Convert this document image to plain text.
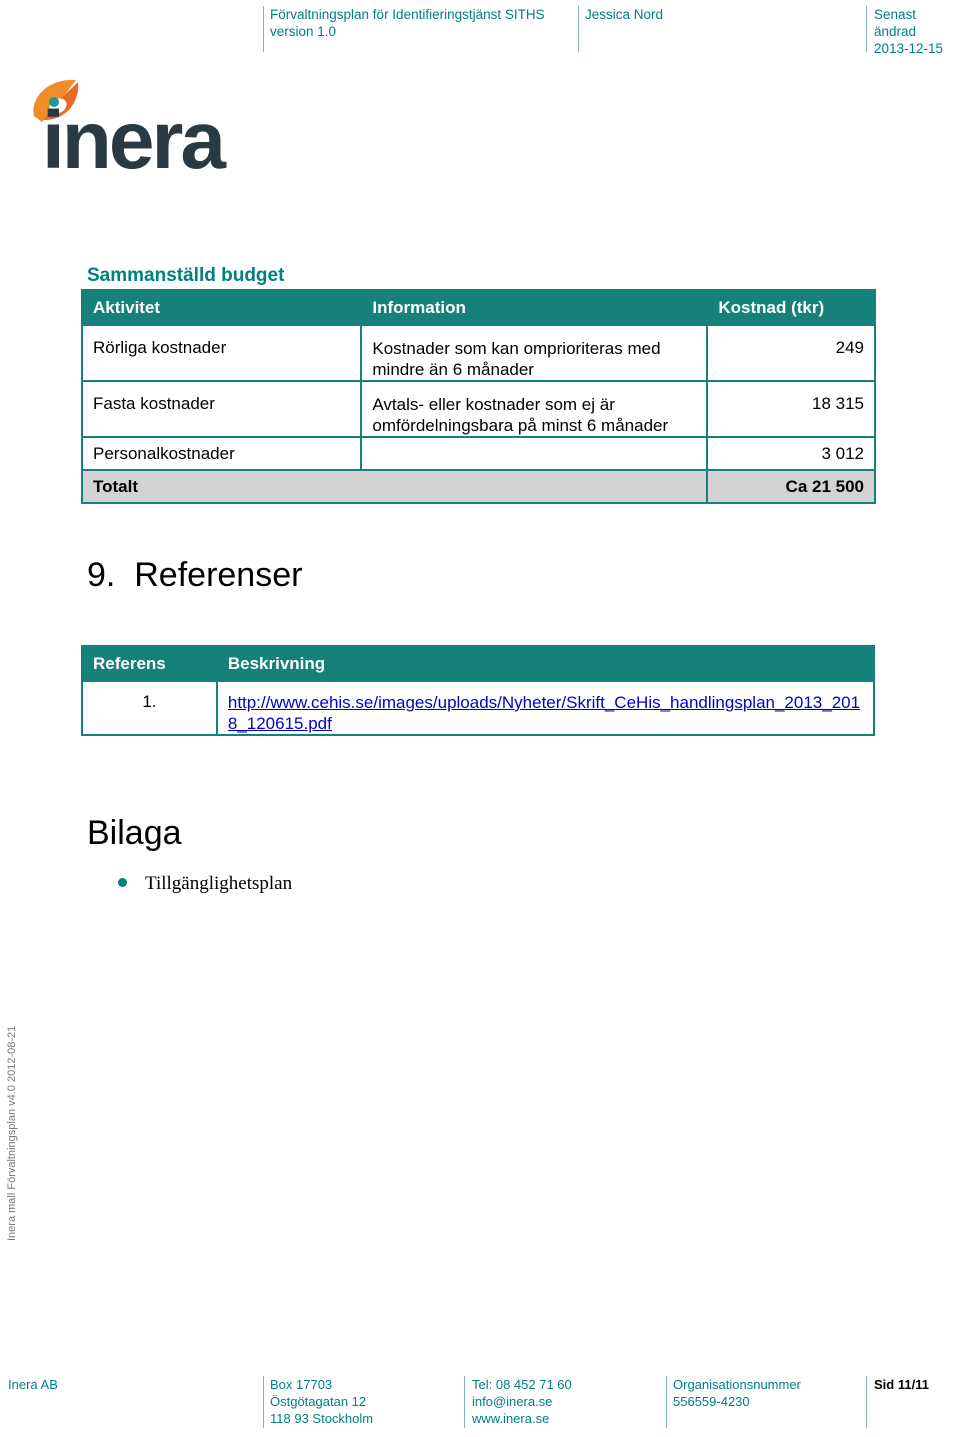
Förvaltningsplan för Identifieringstjänst SITHS
version 1.0
Jessica Nord	Senast ändrad
2013-12-15
inera
Sammanställd budget
Aktivitet	Information	Kostnad (tkr)
Rörliga kostnader	Kostnader som kan omprioriteras med mindre än 6 månader	249
Fasta kostnader	Avtals- eller kostnader som ej är omfördelningsbara på minst 6 månader	18 315
Personalkostnader		3 012
Totalt		Ca 21 500
9.  Referenser
Referens	Beskrivning
1.	http://www.cehis.se/images/uploads/Nyheter/Skrift_CeHis_handlingsplan_2013_2018_120615.pdf
Bilaga
Tillgänglighetsplan
Inera mall Förvaltningsplan v4.0 2012-08-21
Inera AB	Box 17703
Östgötagatan 12
118 93 Stockholm
Tel: 08 452 71 60
info@inera.se
www.inera.se
Organisationsnummer
556559-4230
Sid 11/11
